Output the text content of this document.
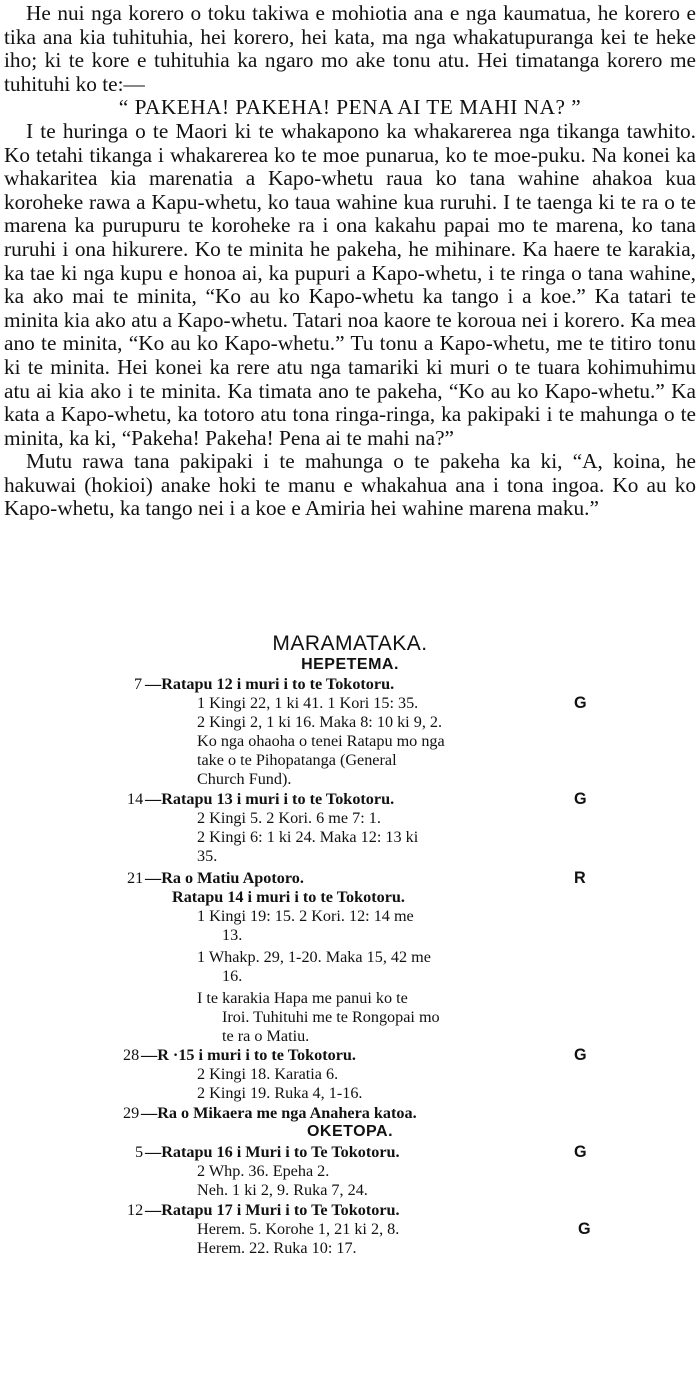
He nui nga korero o toku takiwa e mohiotia ana e nga kaumatua, he korero e tika ana kia tuhituhia, hei korero, hei kata, ma nga whakatupuranga kei te heke iho; ki te kore e tuhituhia ka ngaro mo ake tonu atu. Hei timatanga korero me tuhituhi ko te:—

“ PAKEHA! PAKEHA! PENA AI TE MAHI NA? ”

I te huringa o te Maori ki te whakapono ka whakarerea nga tikanga tawhito. Ko tetahi tikanga i whakarerea ko te moe punarua, ko te moe-puku. Na konei ka whakaritea kia marenatia a Kapo-whetu raua ko tana wahine ahakoa kua koroheke rawa a Kapu-whetu, ko taua wahine kua ruruhi. I te taenga ki te ra o te marena ka purupuru te koroheke ra i ona kakahu papai mo te marena, ko tana ruruhi i ona hikurere. Ko te minita he pakeha, he mihinare. Ka haere te karakia, ka tae ki nga kupu e honoa ai, ka pupuri a Kapo-whetu, i te ringa o tana wahine, ka ako mai te minita, “Ko au ko Kapo-whetu ka tango i a koe.” Ka tatari te minita kia ako atu a Kapo-whetu. Tatari noa kaore te koroua nei i korero. Ka mea ano te minita, “Ko au ko Kapo-whetu.” Tu tonu a Kapo-whetu, me te titiro tonu ki te minita. Hei konei ka rere atu nga tamariki ki muri o te tuara kohimuhimu atu ai kia ako i te minita. Ka timata ano te pakeha, “Ko au ko Kapo-whetu.” Ka kata a Kapo-whetu, ka totoro atu tona ringa-ringa, ka pakipaki i te mahunga o te minita, ka ki, “Pakeha! Pakeha! Pena ai te mahi na?”

Mutu rawa tana pakipaki i te mahunga o te pakeha ka ki, “A, koina, he hakuwai (hokioi) anake hoki te manu e whakahua ana i tona ingoa. Ko au ko Kapo-whetu, ka tango nei i a koe e Amiria hei wahine marena maku.”

MARAMATAKA.
HEPETEMA.
7 —Ratapu 12 i muri i to te Tokotoru.
1 Kingi 22, 1 ki 41. 1 Kori 15: 35.	G
2 Kingi 2, 1 ki 16. Maka 8: 10 ki 9, 2.
Ko nga ohaoha o tenei Ratapu mo nga
take o te Pihopatanga (General
Church Fund).
14 —Ratapu 13 i muri i to te Tokotoru.	G
2 Kingi 5. 2 Kori. 6 me 7: 1.
2 Kingi 6: 1 ki 24. Maka 12: 13 ki
35.
21 —Ra o Matiu Apotoro.	R
Ratapu 14 i muri i to te Tokotoru.
1 Kingi 19: 15. 2 Kori. 12: 14 me
13.
1 Whakp. 29, 1-20. Maka 15, 42 me
16.
I te karakia Hapa me panui ko te
Iroi. Tuhituhi me te Rongopai mo
te ra o Matiu.
28 —R ·15 i muri i to te Tokotoru.	G
2 Kingi 18. Karatia 6.
2 Kingi 19. Ruka 4, 1-16.
29 —Ra o Mikaera me nga Anahera katoa.
OKETOPA.
5 —Ratapu 16 i Muri i to Te Tokotoru.	G
2 Whp. 36. Epeha 2.
Neh. 1 ki 2, 9. Ruka 7, 24.
12 —Ratapu 17 i Muri i to Te Tokotoru.
Herem. 5. Korohe 1, 21 ki 2, 8.	G
Herem. 22. Ruka 10: 17.
